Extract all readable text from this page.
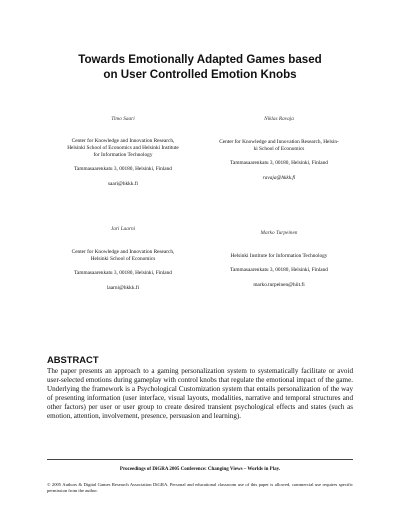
Towards Emotionally Adapted Games based
on User Controlled Emotion Knobs
Timo Saari
Center for Knowledge and Innovation Research,
Helsinki School of Economics and Helsinki Institute
for Information Technology
Tammasaarenkatu 3, 00180, Helsinki, Finland
saari@hkkk.fi
Niklas Ravaja
Center for Knowledge and Innovation Research, Helsin-
ki School of Economics
Tammasaarenkatu 3, 00180, Helsinki, Finland
ravaja@hkkk.fi
Jari Laarni
Center for Knowledge and Innovation Research,
Helsinki School of Economics
Tammasaarenkatu 3, 00180, Helsinki, Finland
laarni@hkkk.fi
Marko Turpeinen
Helsinki Institute for Information Technology
Tammasaarenkatu 3, 00180, Helsinki, Finland
marko.turpeinen@hiit.fi
ABSTRACT

The paper presents an approach to a gaming personalization system to systematically facilitate or avoid user-selected emotions during gameplay with control knobs that regulate the emotional impact of the game. Underlying the framework is a Psychological Customization system that entails personalization of the way of presenting information (user interface, visual layouts, modalities, narrative and temporal structures and other factors) per user or user group to create desired transient psychological effects and states (such as emotion, attention, involvement, presence, persuasion and learning).

Proceedings of DiGRA 2005 Conference: Changing Views – Worlds in Play.
© 2005 Authors & Digital Games Research Association DiGRA. Personal and educational classroom use of this paper is allowed, commercial use requires specific permission from the author.
